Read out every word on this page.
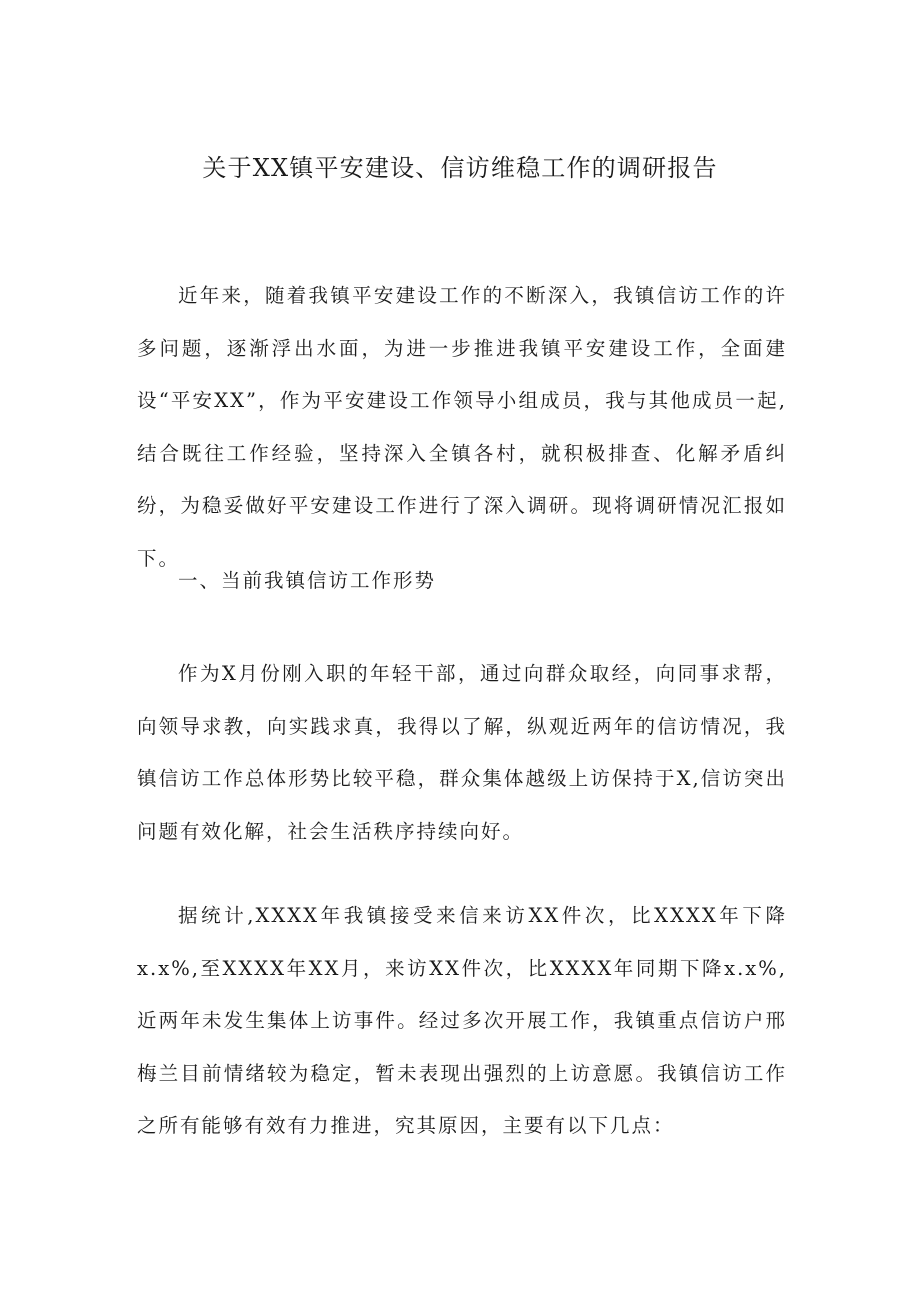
关于XX镇平安建设、信访维稳工作的调研报告

近年来，随着我镇平安建设工作的不断深入，我镇信访工作的许多问题，逐渐浮出水面，为进一步推进我镇平安建设工作，全面建设“平安XX”，作为平安建设工作领导小组成员，我与其他成员一起,结合既往工作经验，坚持深入全镇各村，就积极排查、化解矛盾纠纷，为稳妥做好平安建设工作进行了深入调研。现将调研情况汇报如下。

一、当前我镇信访工作形势

作为X月份刚入职的年轻干部，通过向群众取经，向同事求帮，向领导求教，向实践求真，我得以了解，纵观近两年的信访情况，我镇信访工作总体形势比较平稳，群众集体越级上访保持于X,信访突出问题有效化解，社会生活秩序持续向好。

据统计,XXXX年我镇接受来信来访XX件次，比XXXX年下降x.x%,至XXXX年XX月，来访XX件次，比XXXX年同期下降x.x%,近两年未发生集体上访事件。经过多次开展工作，我镇重点信访户邢梅兰目前情绪较为稳定，暂未表现出强烈的上访意愿。我镇信访工作之所有能够有效有力推进，究其原因，主要有以下几点：
